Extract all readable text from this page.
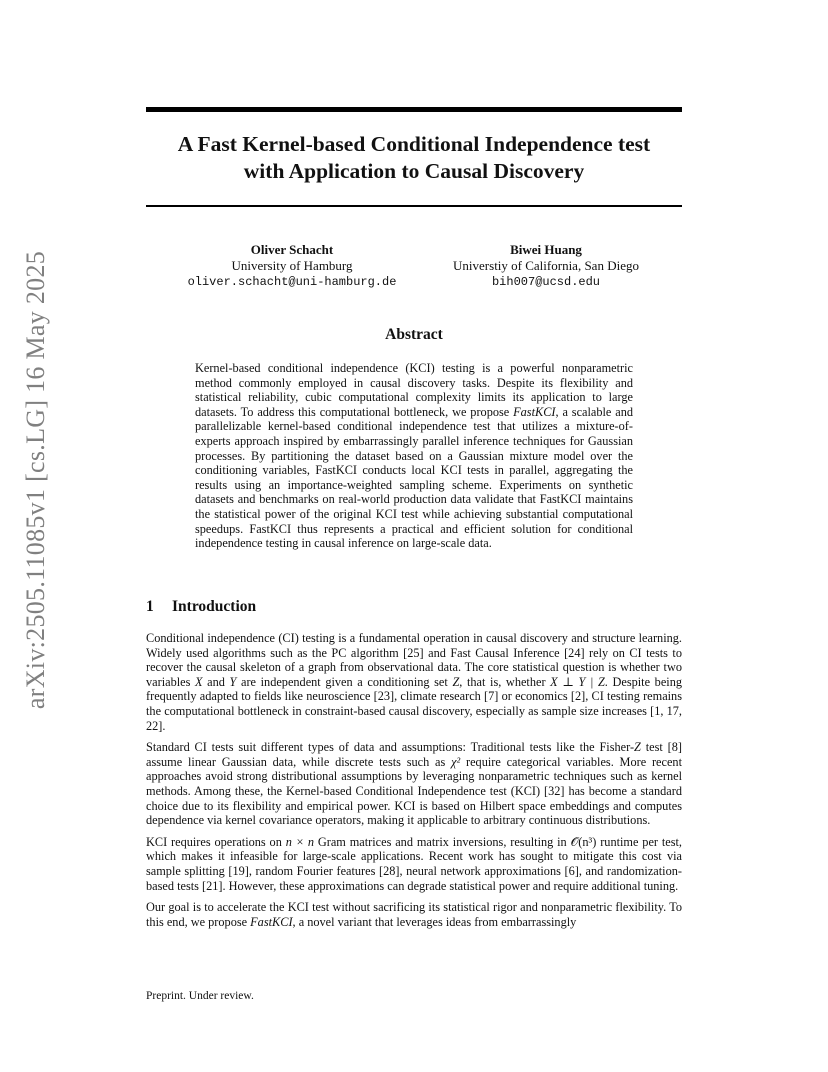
arXiv:2505.11085v1 [cs.LG] 16 May 2025
A Fast Kernel-based Conditional Independence test
with Application to Causal Discovery
Oliver Schacht
University of Hamburg
oliver.schacht@uni-hamburg.de
Biwei Huang
Universtiy of California, San Diego
bih007@ucsd.edu
Abstract

Kernel-based conditional independence (KCI) testing is a powerful nonparametric method commonly employed in causal discovery tasks. Despite its flexibility and statistical reliability, cubic computational complexity limits its application to large datasets. To address this computational bottleneck, we propose FastKCI, a scalable and parallelizable kernel-based conditional independence test that utilizes a mixture-of-experts approach inspired by embarrassingly parallel inference techniques for Gaussian processes. By partitioning the dataset based on a Gaussian mixture model over the conditioning variables, FastKCI conducts local KCI tests in parallel, aggregating the results using an importance-weighted sampling scheme. Experiments on synthetic datasets and benchmarks on real-world production data validate that FastKCI maintains the statistical power of the original KCI test while achieving substantial computational speedups. FastKCI thus represents a practical and efficient solution for conditional independence testing in causal inference on large-scale data.

1 Introduction

Conditional independence (CI) testing is a fundamental operation in causal discovery and structure learning. Widely used algorithms such as the PC algorithm [25] and Fast Causal Inference [24] rely on CI tests to recover the causal skeleton of a graph from observational data. The core statistical question is whether two variables X and Y are independent given a conditioning set Z, that is, whether X ⊥ Y | Z. Despite being frequently adapted to fields like neuroscience [23], climate research [7] or economics [2], CI testing remains the computational bottleneck in constraint-based causal discovery, especially as sample size increases [1, 17, 22].

Standard CI tests suit different types of data and assumptions: Traditional tests like the Fisher-Z test [8] assume linear Gaussian data, while discrete tests such as χ² require categorical variables. More recent approaches avoid strong distributional assumptions by leveraging nonparametric techniques such as kernel methods. Among these, the Kernel-based Conditional Independence test (KCI) [32] has become a standard choice due to its flexibility and empirical power. KCI is based on Hilbert space embeddings and computes dependence via kernel covariance operators, making it applicable to arbitrary continuous distributions.

KCI requires operations on n × n Gram matrices and matrix inversions, resulting in 𝒪(n³) runtime per test, which makes it infeasible for large-scale applications. Recent work has sought to mitigate this cost via sample splitting [19], random Fourier features [28], neural network approximations [6], and randomization-based tests [21]. However, these approximations can degrade statistical power and require additional tuning.

Our goal is to accelerate the KCI test without sacrificing its statistical rigor and nonparametric flexibility. To this end, we propose FastKCI, a novel variant that leverages ideas from embarrassingly

Preprint. Under review.
